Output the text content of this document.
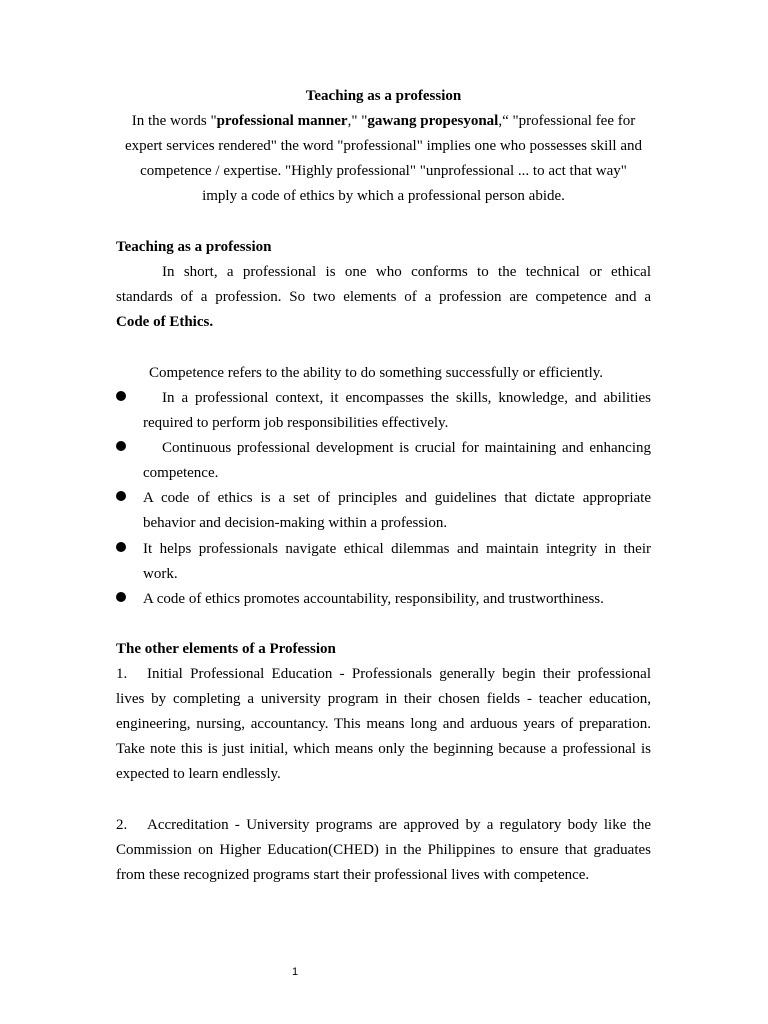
Teaching as a profession
In the words "professional manner," "gawang propesyonal,“ "professional fee for
expert services rendered" the word "professional" implies one who possesses skill and
competence / expertise. "Highly professional" "unprofessional ... to act that way"
imply a code of ethics by which a professional person abide.
Teaching as a profession
In short, a professional is one who conforms to the technical or ethical
standards of a profession. So two elements of a profession are competence and a
Code of Ethics.
Competence refers to the ability to do something successfully or efficiently.
In a professional context, it encompasses the skills, knowledge, and abilities
required to perform job responsibilities effectively.
Continuous professional development is crucial for maintaining and enhancing
competence.
A code of ethics is a set of principles and guidelines that dictate appropriate
behavior and decision-making within a profession.
It helps professionals navigate ethical dilemmas and maintain integrity in their
work.
A code of ethics promotes accountability, responsibility, and trustworthiness.
The other elements of a Profession
1.	Initial Professional Education - Professionals generally begin their professional
lives by completing a university program in their chosen fields - teacher education,
engineering, nursing, accountancy. This means long and arduous years of preparation.
Take note this is just initial, which means only the beginning because a professional is
expected to learn endlessly.
2.	Accreditation - University programs are approved by a regulatory body like the
Commission on Higher Education(CHED) in the Philippines to ensure that graduates
from these recognized programs start their professional lives with competence.
1
